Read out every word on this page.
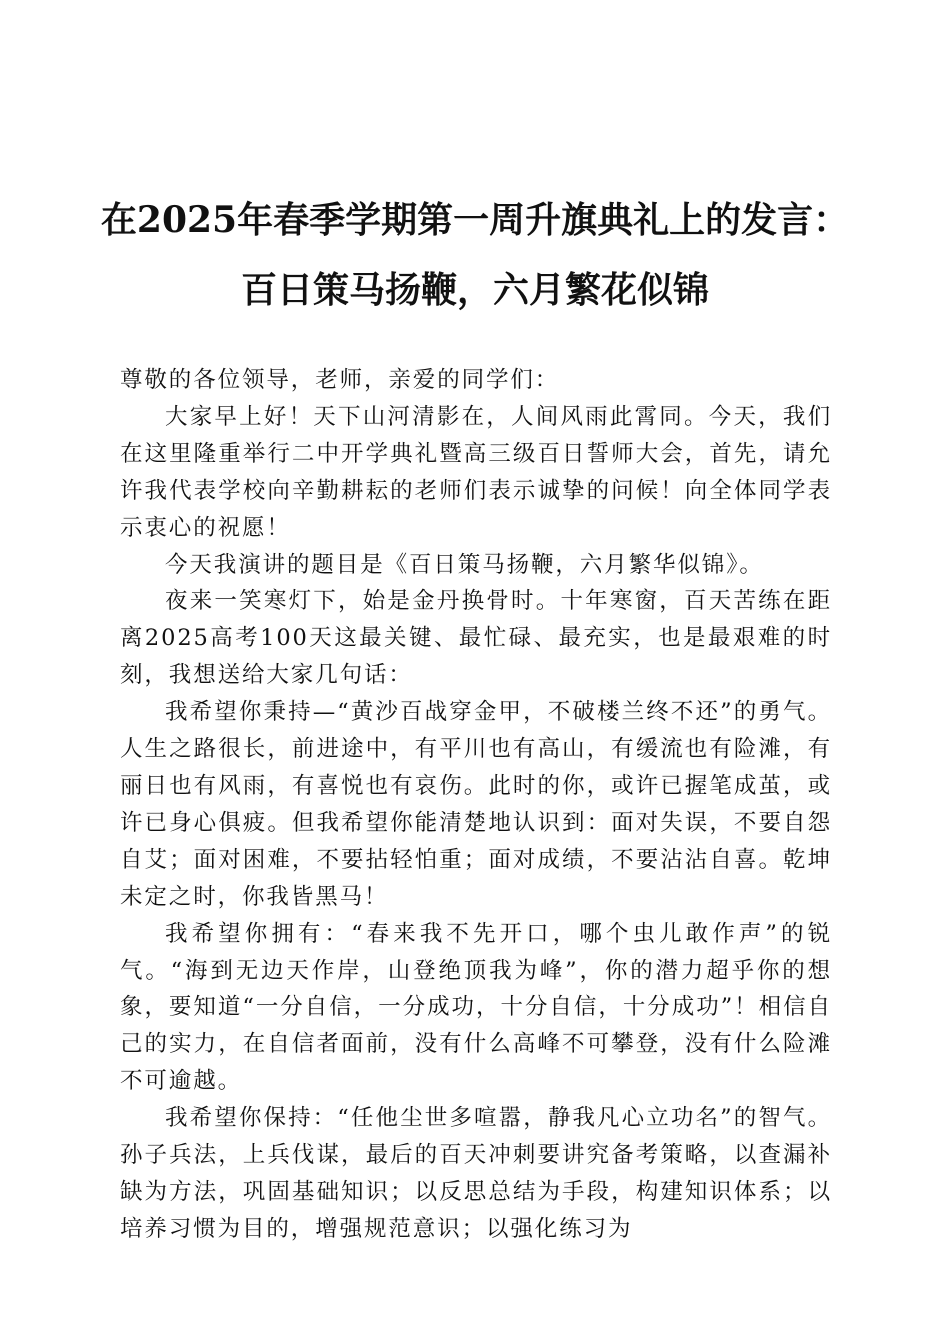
在2025年春季学期第一周升旗典礼上的发言：
百日策马扬鞭，六月繁花似锦

尊敬的各位领导，老师，亲爱的同学们：

大家早上好！天下山河清影在，人间风雨此霄同。今天，我们在这里隆重举行二中开学典礼暨高三级百日誓师大会，首先，请允许我代表学校向辛勤耕耘的老师们表示诚挚的问候！向全体同学表示衷心的祝愿！

今天我演讲的题目是《百日策马扬鞭，六月繁华似锦》。

夜来一笑寒灯下，始是金丹换骨时。十年寒窗，百天苦练在距离2025高考100天这最关键、最忙碌、最充实，也是最艰难的时刻，我想送给大家几句话：

我希望你秉持—“黄沙百战穿金甲，不破楼兰终不还”的勇气。人生之路很长，前进途中，有平川也有高山，有缓流也有险滩，有丽日也有风雨，有喜悦也有哀伤。此时的你，或许已握笔成茧，或许已身心俱疲。但我希望你能清楚地认识到：面对失误，不要自怨自艾；面对困难，不要拈轻怕重；面对成绩，不要沾沾自喜。乾坤未定之时，你我皆黑马！

我希望你拥有：“春来我不先开口，哪个虫儿敢作声”的锐气。“海到无边天作岸，山登绝顶我为峰”，你的潜力超乎你的想象，要知道“一分自信，一分成功，十分自信，十分成功”！相信自己的实力，在自信者面前，没有什么高峰不可攀登，没有什么险滩不可逾越。

我希望你保持：“任他尘世多喧嚣，静我凡心立功名”的智气。孙子兵法，上兵伐谋，最后的百天冲刺要讲究备考策略，以查漏补缺为方法，巩固基础知识；以反思总结为手段，构建知识体系；以培养习惯为目的，增强规范意识；以强化练习为
